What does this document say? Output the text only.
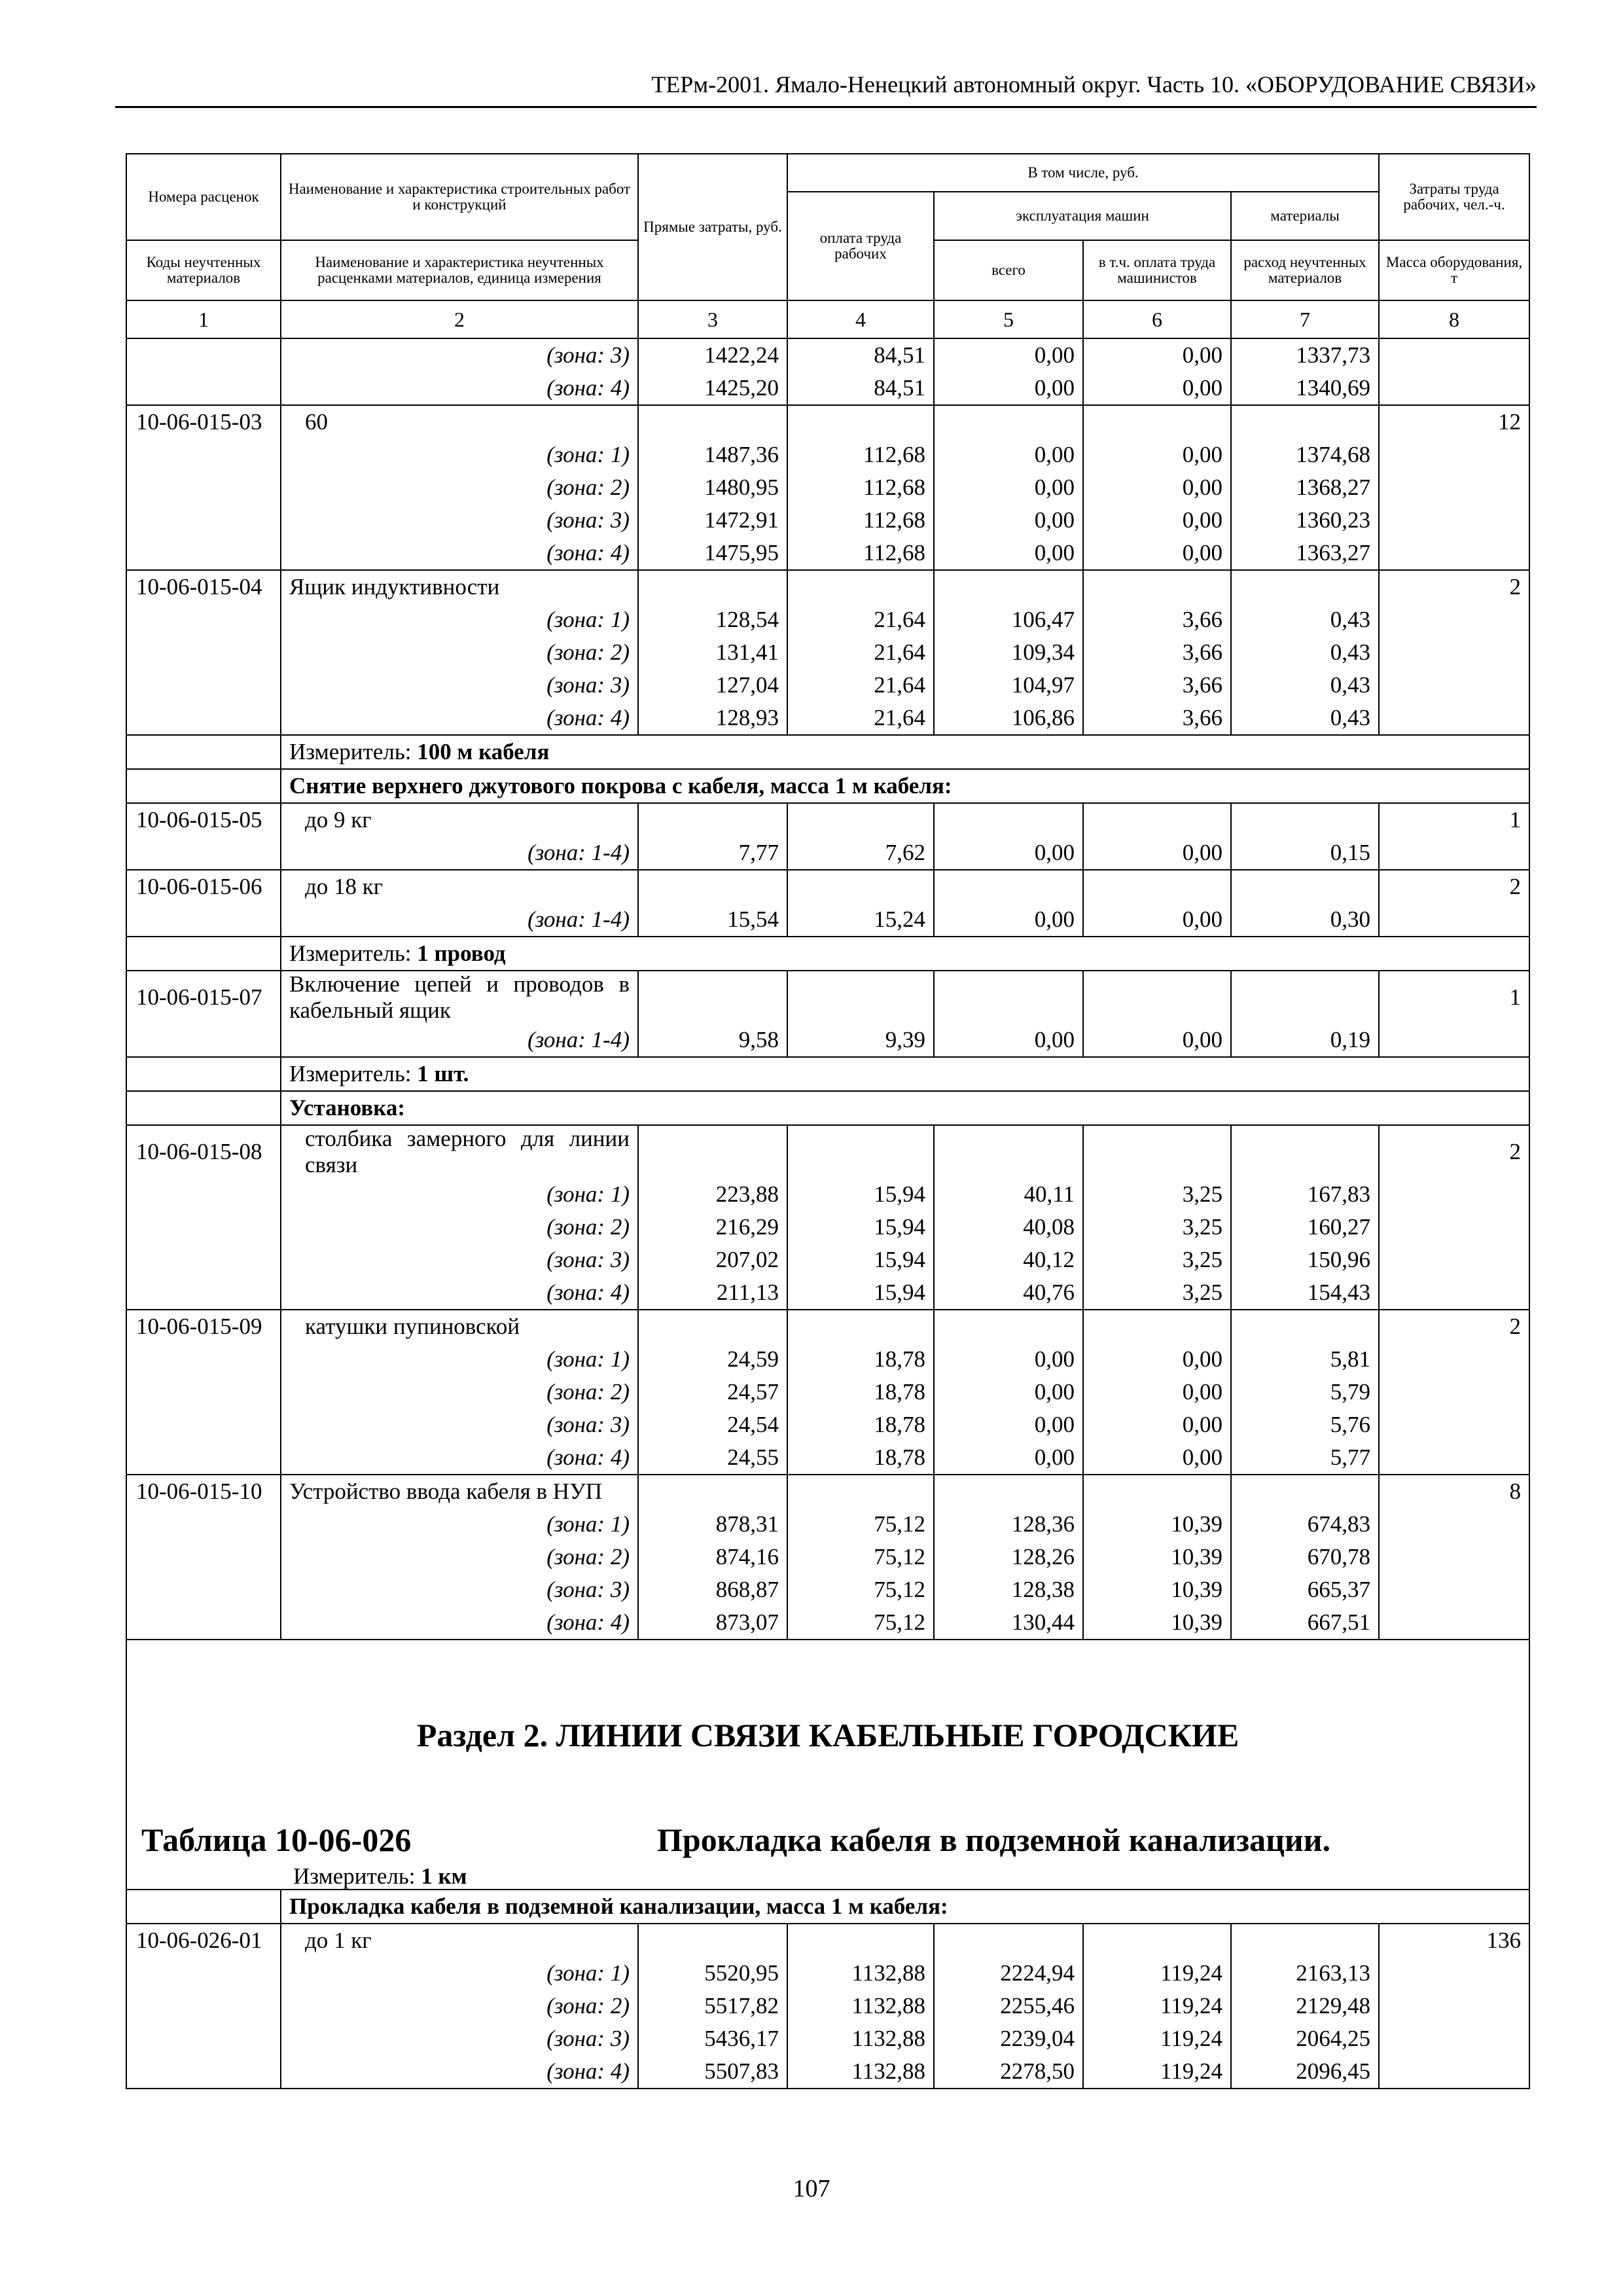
ТЕРм-2001. Ямало-Ненецкий автономный округ. Часть 10. «ОБОРУДОВАНИЕ СВЯЗИ»
Номера расценок	Наименование и характеристика строительных работ и конструкций	Прямые затраты, руб.	В том числе, руб.				Затраты труда рабочих, чел.-ч.
			оплата труда рабочих	эксплуатация машин		материалы	
Коды неучтенных материалов	Наименование и характеристика неучтенных расценками материалов, единица измерения			всего	в т.ч. оплата труда машинистов	расход неучтенных материалов	Масса оборудования, т
1	2	3	4	5	6	7	8
	(зона: 3)	1422,24	84,51	0,00	0,00	1337,73	
	(зона: 4)	1425,20	84,51	0,00	0,00	1340,69	
10-06-015-03	60						12
	(зона: 1)	1487,36	112,68	0,00	0,00	1374,68	
	(зона: 2)	1480,95	112,68	0,00	0,00	1368,27	
	(зона: 3)	1472,91	112,68	0,00	0,00	1360,23	
	(зона: 4)	1475,95	112,68	0,00	0,00	1363,27	
10-06-015-04	Ящик индуктивности						2
	(зона: 1)	128,54	21,64	106,47	3,66	0,43	
	(зона: 2)	131,41	21,64	109,34	3,66	0,43	
	(зона: 3)	127,04	21,64	104,97	3,66	0,43	
	(зона: 4)	128,93	21,64	106,86	3,66	0,43	
	Измеритель: 100 м кабеля						
	Снятие верхнего джутового покрова с кабеля, масса 1 м кабеля:						
10-06-015-05	до 9 кг						1
	(зона: 1-4)	7,77	7,62	0,00	0,00	0,15	
10-06-015-06	до 18 кг						2
	(зона: 1-4)	15,54	15,24	0,00	0,00	0,30	
	Измеритель: 1 провод						
10-06-015-07	Включение цепей и проводов в кабельный ящик						1
	(зона: 1-4)	9,58	9,39	0,00	0,00	0,19	
	Измеритель: 1 шт.						
	Установка:						
10-06-015-08	столбика замерного для линии связи						2
	(зона: 1)	223,88	15,94	40,11	3,25	167,83	
	(зона: 2)	216,29	15,94	40,08	3,25	160,27	
	(зона: 3)	207,02	15,94	40,12	3,25	150,96	
	(зона: 4)	211,13	15,94	40,76	3,25	154,43	
10-06-015-09	катушки пупиновской						2
	(зона: 1)	24,59	18,78	0,00	0,00	5,81	
	(зона: 2)	24,57	18,78	0,00	0,00	5,79	
	(зона: 3)	24,54	18,78	0,00	0,00	5,76	
	(зона: 4)	24,55	18,78	0,00	0,00	5,77	
10-06-015-10	Устройство ввода кабеля в НУП						8
	(зона: 1)	878,31	75,12	128,36	10,39	674,83	
	(зона: 2)	874,16	75,12	128,26	10,39	670,78	
	(зона: 3)	868,87	75,12	128,38	10,39	665,37	
	(зона: 4)	873,07	75,12	130,44	10,39	667,51	

Раздел 2. ЛИНИИ СВЯЗИ КАБЕЛЬНЫЕ ГОРОДСКИЕ
Таблица 10-06-026 Прокладка кабеля в подземной канализации.
Измеритель: 1 км							

	Прокладка кабеля в подземной канализации, масса 1 м кабеля:						
10-06-026-01	до 1 кг						136
	(зона: 1)	5520,95	1132,88	2224,94	119,24	2163,13	
	(зона: 2)	5517,82	1132,88	2255,46	119,24	2129,48	
	(зона: 3)	5436,17	1132,88	2239,04	119,24	2064,25	
	(зона: 4)	5507,83	1132,88	2278,50	119,24	2096,45	
107
